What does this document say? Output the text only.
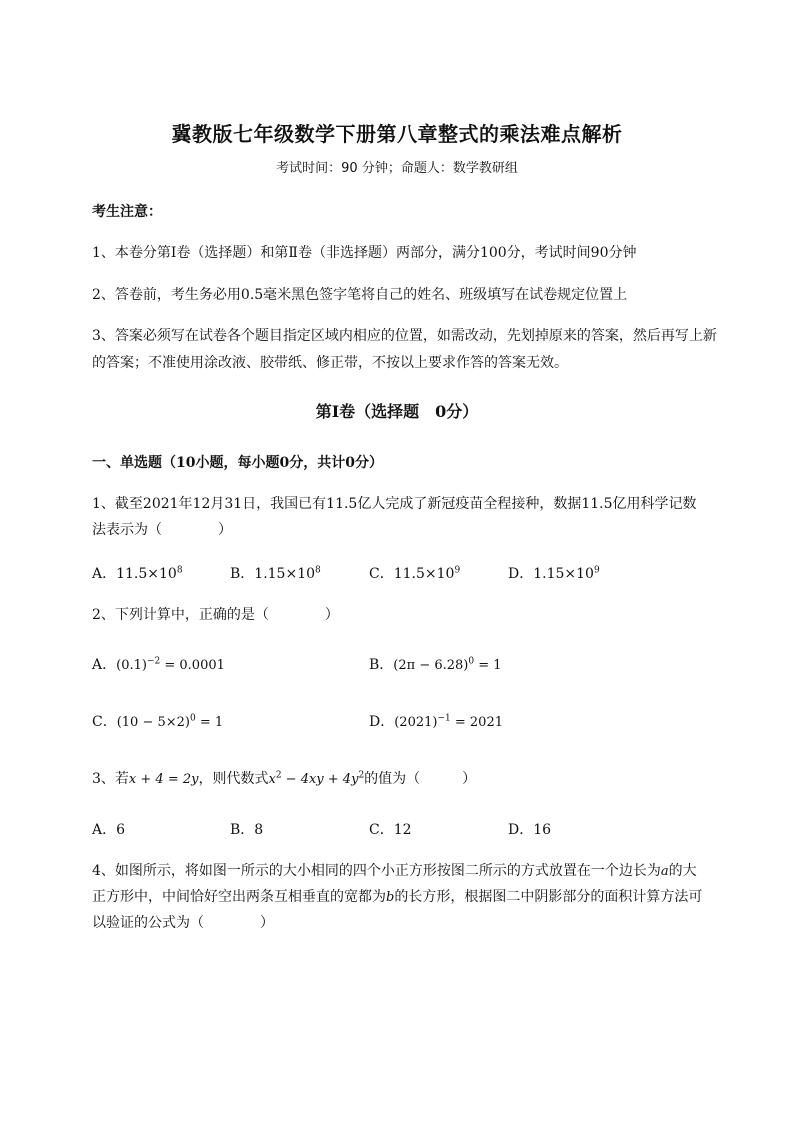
冀教版七年级数学下册第八章整式的乘法难点解析
考试时间：90 分钟；命题人：数学教研组
考生注意：
1、本卷分第Ⅰ卷（选择题）和第Ⅱ卷（非选择题）两部分，满分100分，考试时间90分钟
2、答卷前，考生务必用0.5毫米黑色签字笔将自己的姓名、班级填写在试卷规定位置上
3、答案必须写在试卷各个题目指定区域内相应的位置，如需改动，先划掉原来的答案，然后再写上新
的答案；不准使用涂改液、胶带纸、修正带，不按以上要求作答的答案无效。
第Ⅰ卷（选择题　0分）
一、单选题（10小题，每小题0分，共计0分）
1、截至2021年12月31日，我国已有11.5亿人完成了新冠疫苗全程接种，数据11.5亿用科学记数
法表示为（　　　　）
A．$11.5\times 10^8$	B．$1.15\times 10^8$	C．$11.5\times 10^9$	D．$1.15\times 10^9$
2、下列计算中，正确的是（　　　　）
A．$(0.1)^{-2} = 0.0001$	B．$(2\pi - 6.28)^0 = 1$
C．$(10 - 5\times 2)^0 = 1$	D．$(2021)^{-1} = 2021$
3、若x + 4 = 2y，则代数式$x^2 - 4xy + 4y^2$的值为（　　　）
A．6	B．8	C．12	D．16
4、如图所示，将如图一所示的大小相同的四个小正方形按图二所示的方式放置在一个边长为a的大
正方形中，中间恰好空出两条互相垂直的宽都为b的长方形，根据图二中阴影部分的面积计算方法可
以验证的公式为（　　　　）
